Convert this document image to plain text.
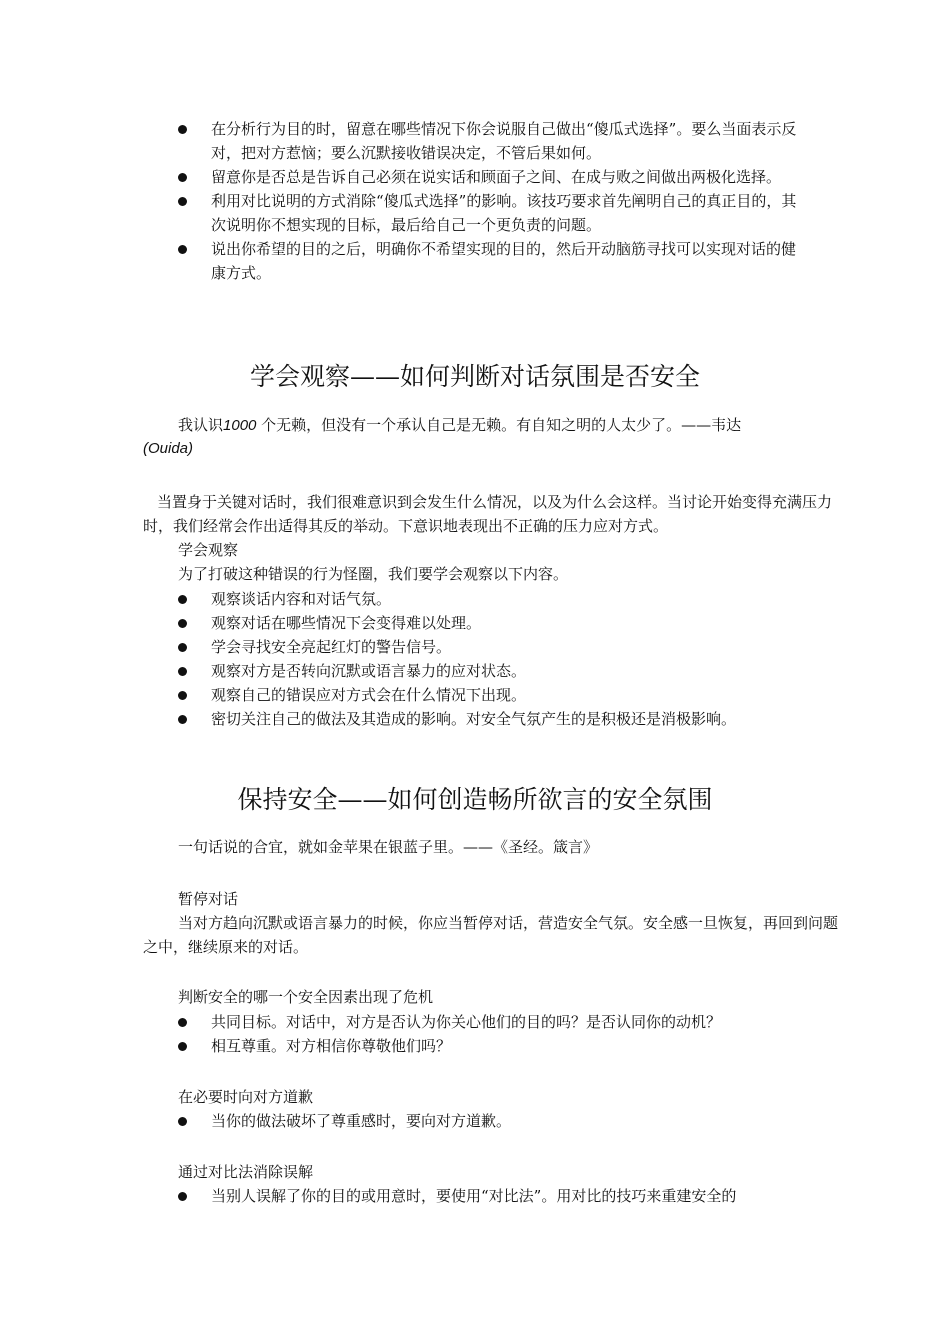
在分析行为目的时，留意在哪些情况下你会说服自己做出“傻瓜式选择”。要么当面表示反对，把对方惹恼；要么沉默接收错误决定，不管后果如何。
留意你是否总是告诉自己必须在说实话和顾面子之间、在成与败之间做出两极化选择。
利用对比说明的方式消除“傻瓜式选择”的影响。该技巧要求首先阐明自己的真正目的，其次说明你不想实现的目标，最后给自己一个更负责的问题。
说出你希望的目的之后，明确你不希望实现的目的，然后开动脑筋寻找可以实现对话的健康方式。
学会观察——如何判断对话氛围是否安全

我认识1000 个无赖，但没有一个承认自己是无赖。有自知之明的人太少了。——韦达

(Ouida)

当置身于关键对话时，我们很难意识到会发生什么情况，以及为什么会这样。当讨论开始变得充满压力时，我们经常会作出适得其反的举动。下意识地表现出不正确的压力应对方式。

学会观察

为了打破这种错误的行为怪圈，我们要学会观察以下内容。

观察谈话内容和对话气氛。
观察对话在哪些情况下会变得难以处理。
学会寻找安全亮起红灯的警告信号。
观察对方是否转向沉默或语言暴力的应对状态。
观察自己的错误应对方式会在什么情况下出现。
密切关注自己的做法及其造成的影响。对安全气氛产生的是积极还是消极影响。
保持安全——如何创造畅所欲言的安全氛围

一句话说的合宜，就如金苹果在银蓝子里。——《圣经。箴言》

暂停对话

当对方趋向沉默或语言暴力的时候，你应当暂停对话，营造安全气氛。安全感一旦恢复，再回到问题之中，继续原来的对话。

判断安全的哪一个安全因素出现了危机

共同目标。对话中，对方是否认为你关心他们的目的吗？是否认同你的动机？
相互尊重。对方相信你尊敬他们吗？

在必要时向对方道歉

当你的做法破坏了尊重感时，要向对方道歉。

通过对比法消除误解

当别人误解了你的目的或用意时，要使用“对比法”。用对比的技巧来重建安全的
